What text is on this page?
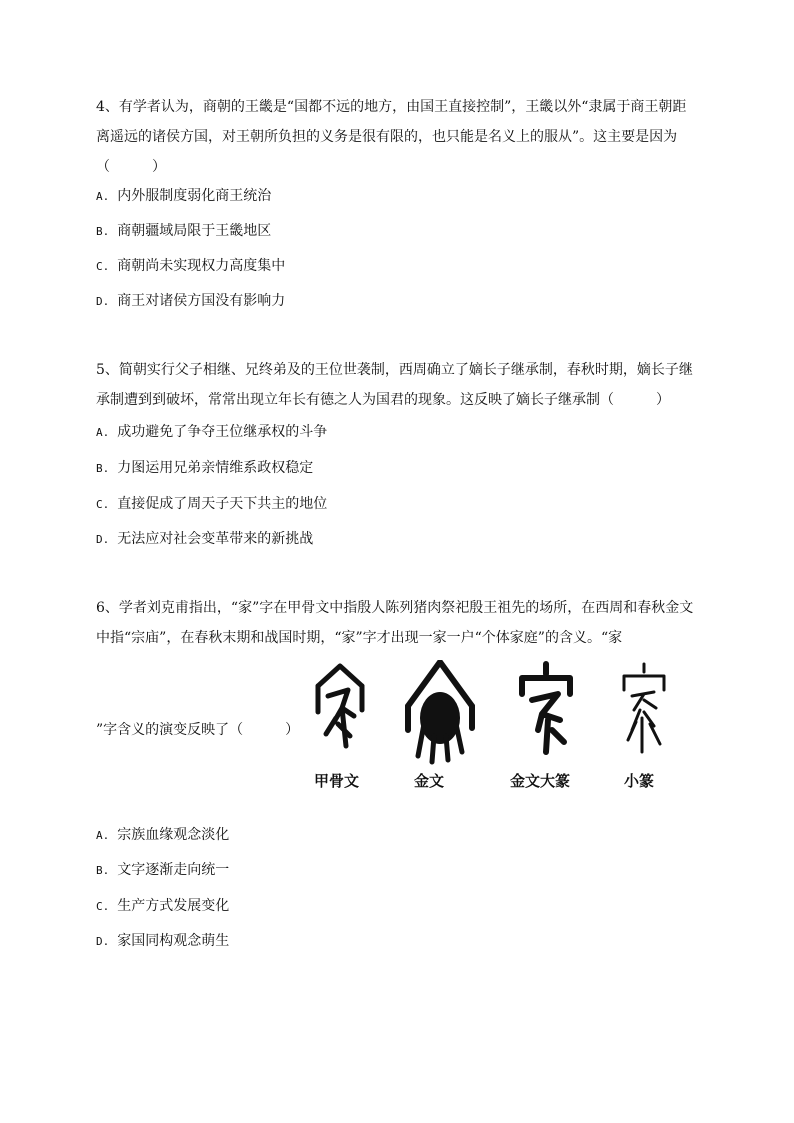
4、有学者认为，商朝的王畿是“国都不远的地方，由国王直接控制”，王畿以外“隶属于商王朝距离遥远的诸侯方国，对王朝所负担的义务是很有限的，也只能是名义上的服从”。这主要是因为（　　　）

A. 内外服制度弱化商王统治
B. 商朝疆域局限于王畿地区
C. 商朝尚未实现权力高度集中
D. 商王对诸侯方国没有影响力

5、简朝实行父子相继、兄终弟及的王位世袭制，西周确立了嫡长子继承制，春秋时期，嫡长子继承制遭到到破坏，常常出现立年长有德之人为国君的现象。这反映了嫡长子继承制（　　　）

A. 成功避免了争夺王位继承权的斗争
B. 力图运用兄弟亲情维系政权稳定
C. 直接促成了周天子天下共主的地位
D. 无法应对社会变革带来的新挑战

6、学者刘克甫指出，“家”字在甲骨文中指殷人陈列猪肉祭祀殷王祖先的场所，在西周和春秋金文中指“宗庙”，在春秋末期和战国时期，“家”字才出现一家一户“个体家庭”的含义。“家

”字含义的演变反映了（　　　）
甲骨文	金文	金文大篆	小篆
A. 宗族血缘观念淡化
B. 文字逐渐走向统一
C. 生产方式发展变化
D. 家国同构观念萌生
